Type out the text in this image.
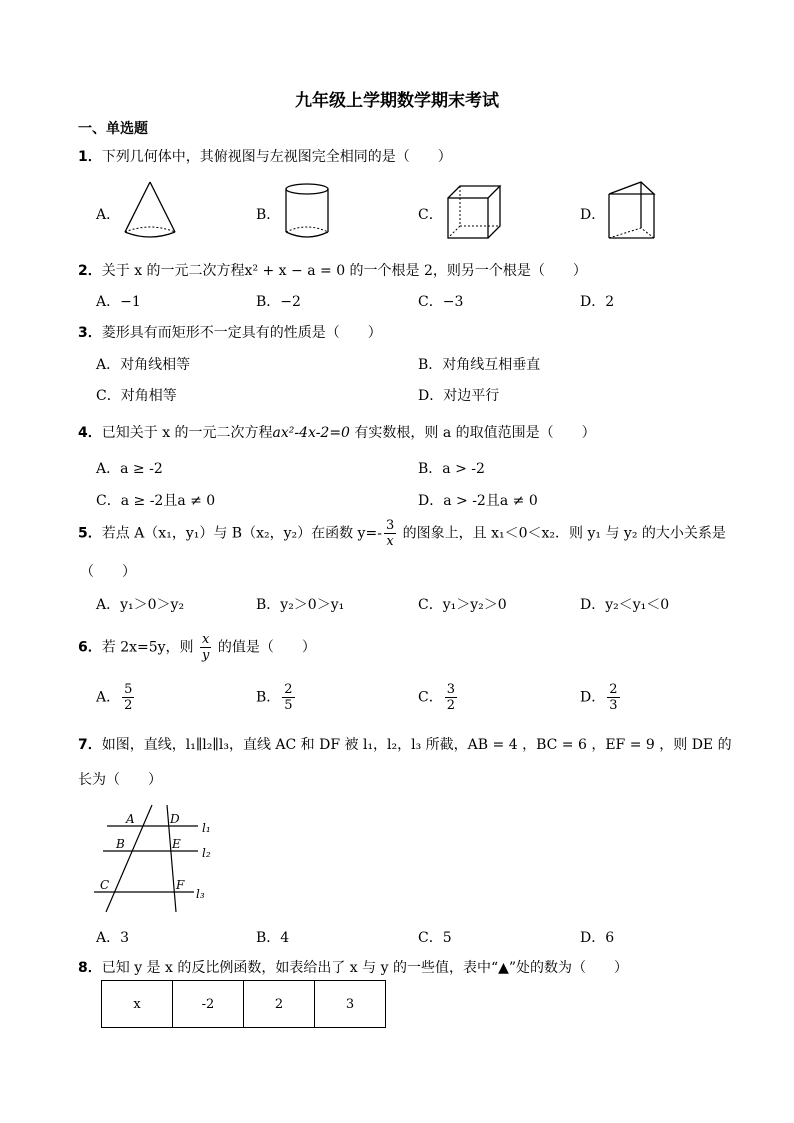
九年级上学期数学期末考试
一、单选题
1．下列几何体中，其俯视图与左视图完全相同的是（　　）
A．	B．	C．	D．
2．关于 x 的一元二次方程x² + x − a = 0 的一个根是 2，则另一个根是（　　）
A．−1	B．−2	C．−3	D．2
3．菱形具有而矩形不一定具有的性质是（　　）
A．对角线相等	B．对角线互相垂直
C．对角相等	D．对边平行
4．已知关于 x 的一元二次方程ax²-4x-2=0 有实数根，则 a 的取值范围是（　　）
A．a ≥ -2	B．a > -2
C．a ≥ -2且a ≠ 0	D．a > -2且a ≠ 0
5．若点 A（x₁，y₁）与 B（x₂，y₂）在函数 $y=- \frac{3}{x}$ 的图象上，且 x₁＜0＜x₂．则 y₁ 与 y₂ 的大小关系是
（　　）
A．y₁＞0＞y₂	B．y₂＞0＞y₁	C．y₁＞y₂＞0	D．y₂＜y₁＜0
6．若 2x=5y，则 $\frac{x}{y}$ 的值是（　　）
A． $\frac{5}{2}$	B． $\frac{2}{5}$	C． $\frac{3}{2}$	D． $\frac{2}{3}$
7．如图，直线，l₁∥l₂∥l₃，直线 AC 和 DF 被 l₁，l₂，l₃ 所截，AB = 4 ，BC = 6 ，EF = 9 ，则 DE 的
长为（　　）
A
B
C
D
E
F
l₁
l₂
l₃
A．3	B．4	C．5	D．6
8．已知 y 是 x 的反比例函数，如表给出了 x 与 y 的一些值，表中“▲”处的数为（　　）
x	-2	2	3
